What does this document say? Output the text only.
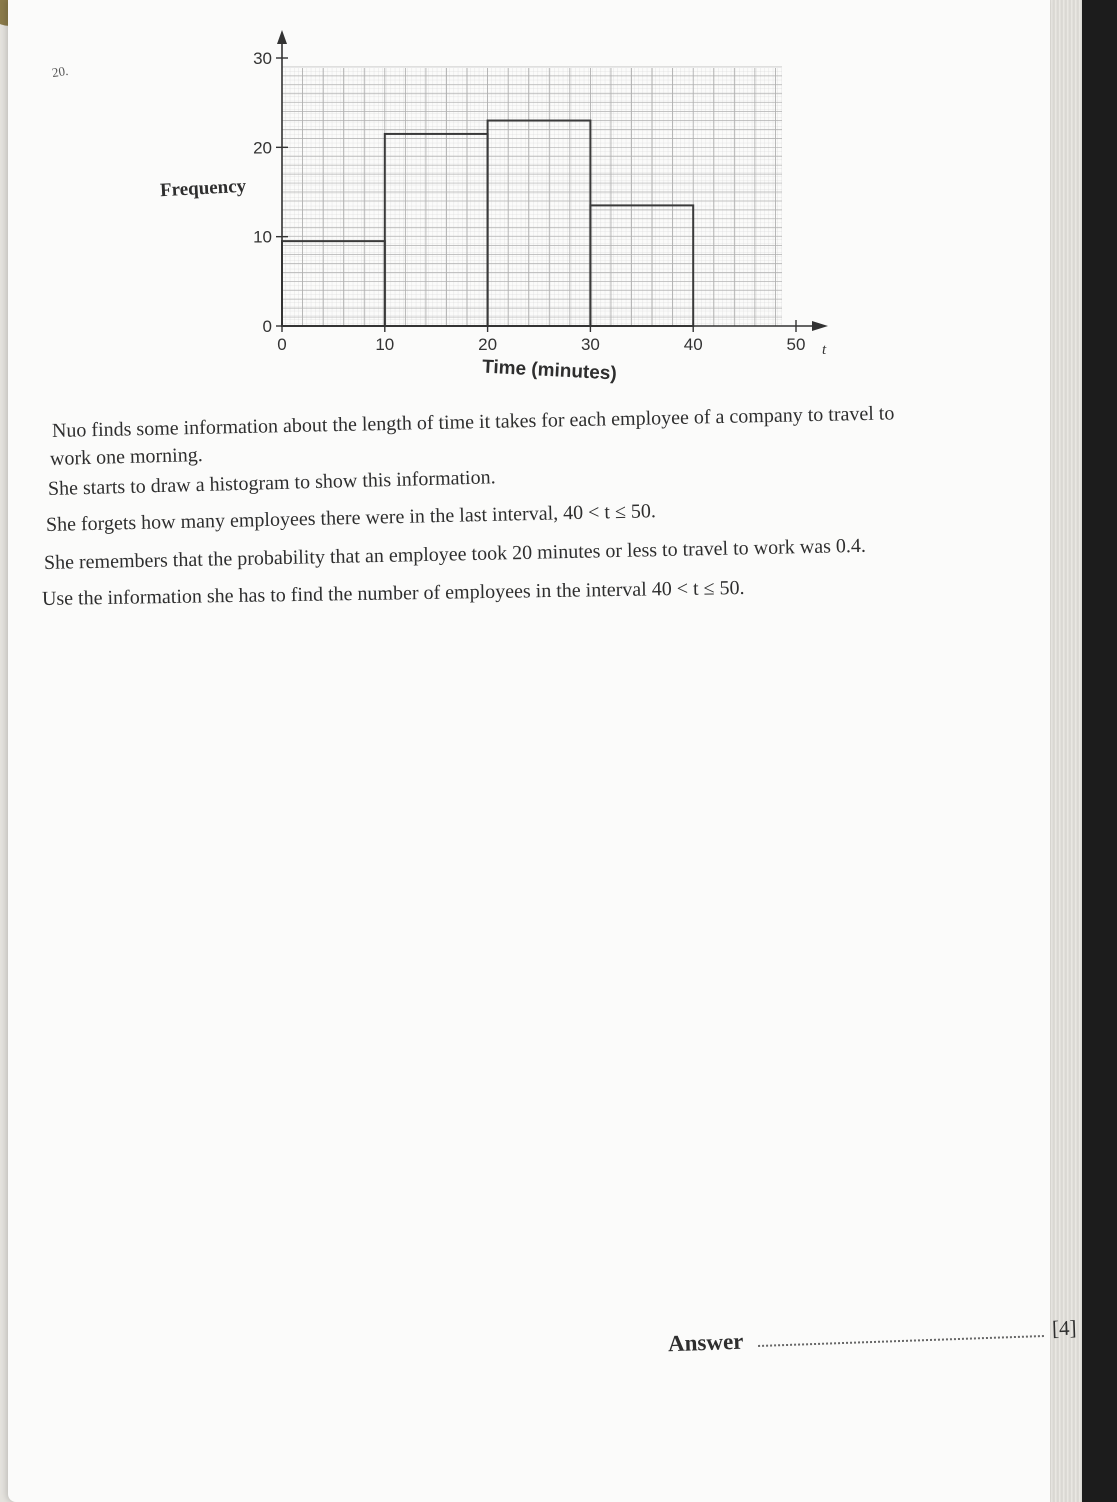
20.
0
10
20
30
0	10	20	30	40	50 t
Frequency
Time (minutes)
Nuo finds some information about the length of time it takes for each employee of a company to travel to
work one morning.
She starts to draw a histogram to show this information.
She forgets how many employees there were in the last interval, 40 < t ≤ 50.
She remembers that the probability that an employee took 20 minutes or less to travel to work was 0.4.
Use the information she has to find the number of employees in the interval 40 < t ≤ 50.
Answer
[4]
